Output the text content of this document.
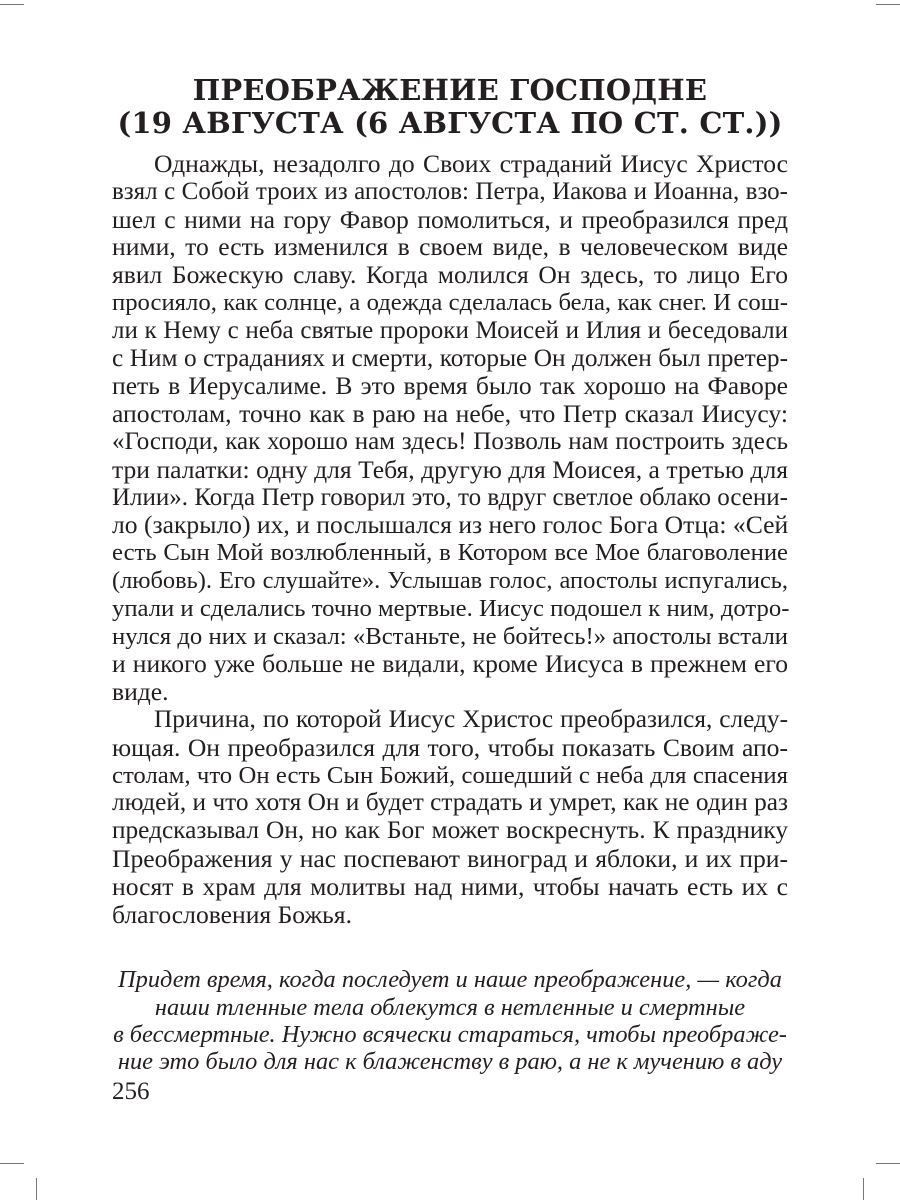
ПРЕОБРАЖЕНИЕ ГОСПОДНЕ
(19 АВГУСТА (6 АВГУСТА ПО СТ. СТ.))
Однажды, незадолго до Своих страданий Иисус Христос
взял с Собой троих из апостолов: Петра, Иакова и Иоанна, взо-
шел с ними на гору Фавор помолиться, и преобразился пред
ними, то есть изменился в своем виде, в человеческом виде
явил Божескую славу. Когда молился Он здесь, то лицо Его
просияло, как солнце, а одежда сделалась бела, как снег. И сош-
ли к Нему с неба святые пророки Моисей и Илия и беседовали
с Ним о страданиях и смерти, которые Он должен был претер-
петь в Иерусалиме. В это время было так хорошо на Фаворе
апостолам, точно как в раю на небе, что Петр сказал Иисусу:
«Господи, как хорошо нам здесь! Позволь нам построить здесь
три палатки: одну для Тебя, другую для Моисея, а третью для
Илии». Когда Петр говорил это, то вдруг светлое облако осени-
ло (закрыло) их, и послышался из него голос Бога Отца: «Сей
есть Сын Мой возлюбленный, в Котором все Мое благоволение
(любовь). Его слушайте». Услышав голос, апостолы испугались,
упали и сделались точно мертвые. Иисус подошел к ним, дотро-
нулся до них и сказал: «Встаньте, не бойтесь!» апостолы встали
и никого уже больше не видали, кроме Иисуса в прежнем его
виде.
Причина, по которой Иисус Христос преобразился, следу-
ющая. Он преобразился для того, чтобы показать Своим апо-
столам, что Он есть Сын Божий, сошедший с неба для спасения
людей, и что хотя Он и будет страдать и умрет, как не один раз
предсказывал Он, но как Бог может воскреснуть. К празднику
Преображения у нас поспевают виноград и яблоки, и их при-
носят в храм для молитвы над ними, чтобы начать есть их с
благословения Божья.
Придет время, когда последует и наше преображение, — когда
наши тленные тела облекутся в нетленные и смертные
в бессмертные. Нужно всячески стараться, чтобы преображе-
ние это было для нас к блаженству в раю, а не к мучению в аду
256
